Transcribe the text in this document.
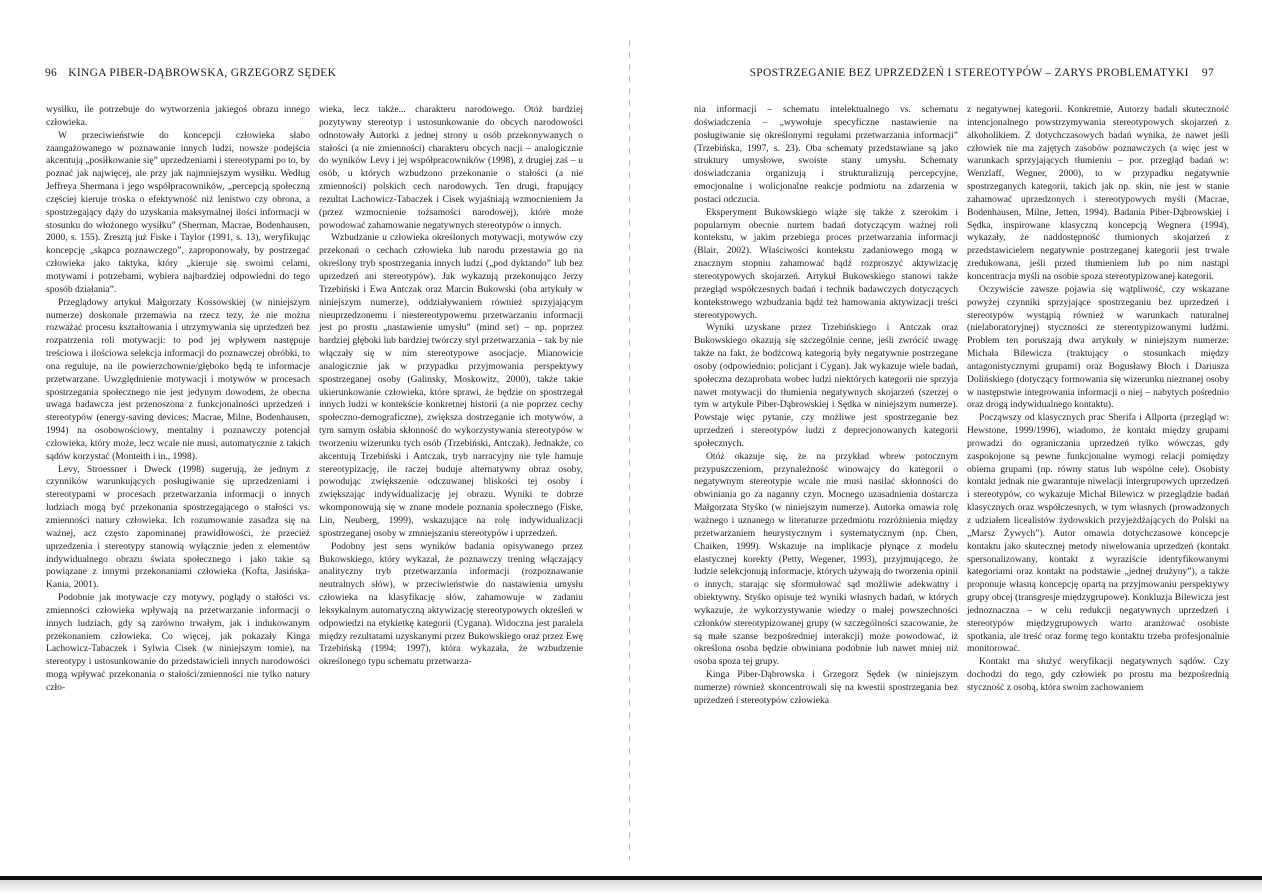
96 KINGA PIBER-DĄBROWSKA, GRZEGORZ SĘDEK

wysiłku, ile potrzebuje do wytworzenia jakiegoś obrazu innego człowieka.

W przeciwieństwie do koncepcji człowieka słabo zaangażowanego w poznawanie innych ludzi, nowsze podejścia akcentują „posiłkowanie się” uprzedzeniami i stereotypami po to, by poznać jak najwięcej, ale przy jak najmniejszym wysiłku. Według Jeffreya Shermana i jego współpracowników, „percepcją społeczną częściej kieruje troska o efektywność niż lenistwo czy obrona, a spostrzegający dąży do uzyskania maksymalnej ilości informacji w stosunku do włożonego wysiłku” (Sherman, Macrae, Bodenhausen, 2000, s. 155). Zresztą już Fiske i Taylor (1991, s. 13), weryfikując koncepcję „skąpca poznawczego”, zaproponowały, by postrzegać człowieka jako taktyka, który „kieruje się swoimi celami, motywami i potrzebami, wybiera najbardziej odpowiedni do tego sposób działania”.

Przeglądowy artykuł Małgorzaty Kossowskiej (w niniejszym numerze) doskonale przemawia na rzecz tezy, że nie można rozważać procesu kształtowania i utrzymywania się uprzedzeń bez rozpatrzenia roli motywacji: to pod jej wpływem następuje treściowa i ilościowa selekcja informacji do poznawczej obróbki, to ona reguluje, na ile powierzchownie/głęboko będą te informacje przetwarzane. Uwzględnienie motywacji i motywów w procesach spostrzegania społecznego nie jest jedynym dowodem, że obecna uwaga badawcza jest przenoszona z funkcjonalności uprzedzeń i stereotypów (energy-saving devices; Macrae, Milne, Bodenhausen, 1994) na osobowościowy, mentalny i poznawczy potencjał człowieka, który może, lecz wcale nie musi, automatycznie z takich sądów korzystać (Monteith i in., 1998).

Levy, Stroessner i Dweck (1998) sugerują, że jednym z czynników warunkujących posługiwanie się uprzedzeniami i stereotypami w procesach przetwarzania informacji o innych ludziach mogą być przekonania spostrzegającego o stałości vs. zmienności natury człowieka. Ich rozumowanie zasadza się na ważnej, acz często zapominanej prawidłowości, że przecież uprzedzenia i stereotypy stanowią wyłącznie jeden z elementów indywidualnego obrazu świata społecznego i jako takie są powiązane z innymi przekonaniami człowieka (Kofta, Jasińska-Kania, 2001).

Podobnie jak motywacje czy motywy, poglądy o stałości vs. zmienności człowieka wpływają na przetwarzanie informacji o innych ludziach, gdy są zarówno trwałym, jak i indukowanym przekonaniem człowieka. Co więcej, jak pokazały Kinga Lachowicz-Tabaczek i Sylwia Cisek (w niniejszym tomie), na stereotypy i ustosunkowanie do przedstawicieli innych narodowości mogą wpływać przekonania o stałości/zmienności nie tylko natury czło-

wieka, lecz także... charakteru narodowego. Otóż bardziej pozytywny stereotyp i ustosunkowanie do obcych narodowości odnotowały Autorki z jednej strony u osób przekonywanych o stałości (a nie zmienności) charakteru obcych nacji – analogicznie do wyników Levy i jej współpracowników (1998), z drugiej zaś – u osób, u których wzbudzono przekonanie o stałości (a nie zmienności) polskich cech narodowych. Ten drugi, frapujący rezultat Lachowicz-Tabaczek i Cisek wyjaśniają wzmocnieniem Ja (przez wzmocnienie tożsamości narodowej), które może powodować zahamowanie negatywnych stereotypów o innych.

Wzbudzanie u człowieka określonych motywacji, motywów czy przekonań o cechach człowieka lub narodu przestawia go na określony tryb spostrzegania innych ludzi („pod dyktando” lub bez uprzedzeń ani stereotypów). Jak wykazują przekonująco Jerzy Trzebiński i Ewa Antczak oraz Marcin Bukowski (oba artykuły w niniejszym numerze), oddziaływaniem również sprzyjającym nieuprzedzonemu i niestereotypowemu przetwarzaniu informacji jest po prostu „nastawienie umysłu” (mind set) – np. poprzez bardziej głęboki lub bardziej twórczy styl przetwarzania – tak by nie włączały się w nim stereotypowe asocjacje. Mianowicie analogicznie jak w przypadku przyjmowania perspektywy spostrzeganej osoby (Galinsky, Moskowitz, 2000), także takie ukierunkowanie człowieka, które sprawi, że będzie on spostrzegał innych ludzi w kontekście konkretnej historii (a nie poprzez cechy społeczno-demograficzne), zwiększa dostrzeganie ich motywów, a tym samym osłabia skłonność do wykorzystywania stereotypów w tworzeniu wizerunku tych osób (Trzebiński, Antczak). Jednakże, co akcentują Trzebiński i Antczak, tryb narracyjny nie tyle hamuje stereotypizację, ile raczej buduje alternatywny obraz osoby, powodując zwiększenie odczuwanej bliskości tej osoby i zwiększając indywidualizację jej obrazu. Wyniki te dobrze wkomponowują się w znane modele poznania społecznego (Fiske, Lin, Neuberg, 1999), wskazujące na rolę indywidualizacji spostrzeganej osoby w zmniejszaniu stereotypów i uprzedzeń.

Podobny jest sens wyników badania opisywanego przez Bukowskiego, który wykazał, że poznawczy trening włączający analityczny tryb przetwarzania informacji (rozpoznawanie neutralnych słów), w przeciwieństwie do nastawienia umysłu człowieka na klasyfikację słów, zahamowuje w zadaniu leksykalnym automatyczną aktywizację stereotypowych określeń w odpowiedzi na etykietkę kategorii (Cygana). Widoczna jest paralela między rezultatami uzyskanymi przez Bukowskiego oraz przez Ewę Trzebińską (1994; 1997), która wykazała, że wzbudzenie określonego typu schematu przetwarza-

SPOSTRZEGANIE BEZ UPRZEDZEŃ I STEREOTYPÓW – ZARYS PROBLEMATYKI 97

nia informacji – schematu intelektualnego vs. schematu doświadczenia – „wywołuje specyficzne nastawienie na posługiwanie się określonymi regułami przetwarzania informacji” (Trzebińska, 1997, s. 23). Oba schematy przedstawiane są jako struktury umysłowe, swoiste stany umysłu. Schematy doświadczania organizują i strukturalizują percepcyjne, emocjonalne i wolicjonalne reakcje podmiotu na zdarzenia w postaci odczucia.

Eksperyment Bukowskiego wiąże się także z szerokim i popularnym obecnie nurtem badań dotyczącym ważnej roli kontekstu, w jakim przebiega proces przetwarzania informacji (Blair, 2002). Właściwości kontekstu zadaniowego mogą w znacznym stopniu zahamować bądź rozproszyć aktywizację stereotypowych skojarzeń. Artykuł Bukowskiego stanowi także przegląd współczesnych badań i technik badawczych dotyczących kontekstowego wzbudzania bądź też hamowania aktywizacji treści stereotypowych.

Wyniki uzyskane przez Trzebińskiego i Antczak oraz Bukowskiego okazują się szczególnie cenne, jeśli zwrócić uwagę także na fakt, że bodźcową kategorią były negatywnie postrzegane osoby (odpowiednio: policjant i Cygan). Jak wykazuje wiele badań, społeczna dezaprobata wobec ludzi niektórych kategorii nie sprzyja nawet motywacji do tłumienia negatywnych skojarzeń (szerzej o tym w artykule Piber-Dąbrowskiej i Sędka w niniejszym numerze). Powstaje więc pytanie, czy możliwe jest spostrzeganie bez uprzedzeń i stereotypów ludzi z deprecjonowanych kategorii społecznych.

Otóż okazuje się, że na przykład wbrew potocznym przypuszczeniom, przynależność winowajcy do kategorii o negatywnym stereotypie wcale nie musi nasilać skłonności do obwiniania go za naganny czyn. Mocnego uzasadnienia dostarcza Małgorzata Styśko (w niniejszym numerze). Autorka omawia rolę ważnego i uznanego w literaturze przedmiotu rozróżnienia między przetwarzaniem heurystycznym i systematycznym (np. Chen, Chaiken, 1999). Wskazuje na implikacje płynące z modelu elastycznej korekty (Petty, Wegener, 1993), przyjmującego, że ludzie selekcjonują informacje, których używają do tworzenia opinii o innych, starając się sformułować sąd możliwie adekwatny i obiektywny. Styśko opisuje też wyniki własnych badań, w których wykazuje, że wykorzystywanie wiedzy o małej powszechności członków stereotypizowanej grupy (w szczególności szacowanie, że są małe szanse bezpośredniej interakcji) może powodować, iż określona osoba będzie obwiniana podobnie lub nawet mniej niż osoba spoza tej grupy.

Kinga Piber-Dąbrowska i Grzegorz Sędek (w niniejszym numerze) również skoncentrowali się na kwestii spostrzegania bez uprzedzeń i stereotypów człowieka

z negatywnej kategorii. Konkretnie, Autorzy badali skuteczność intencjonalnego powstrzymywania stereotypowych skojarzeń z alkoholikiem. Z dotychczasowych badań wynika, że nawet jeśli człowiek nie ma zajętych zasobów poznawczych (a więc jest w warunkach sprzyjających tłumieniu – por. przegląd badań w: Wenzlaff, Wegner, 2000), to w przypadku negatywnie spostrzeganych kategorii, takich jak np. skin, nie jest w stanie zahamować uprzedzonych i stereotypowych myśli (Macrae, Bodenhausen, Milne, Jetten, 1994). Badania Piber-Dąbrowskiej i Sędka, inspirowane klasyczną koncepcją Wegnera (1994), wykazały, że naddostępność tłumionych skojarzeń z przedstawicielem negatywnie postrzeganej kategorii jest trwale zredukowana, jeśli przed tłumieniem lub po nim nastąpi koncentracja myśli na osobie spoza stereotypizowanej kategorii.

Oczywiście zawsze pojawia się wątpliwość, czy wskazane powyżej czynniki sprzyjające spostrzeganiu bez uprzedzeń i stereotypów wystąpią również w warunkach naturalnej (nielaboratoryjnej) styczności ze stereotypizowanymi ludźmi. Problem ten poruszają dwa artykuły w niniejszym numerze: Michała Bilewicza (traktujący o stosunkach między antagonistycznymi grupami) oraz Bogusławy Błoch i Dariusza Dolińskiego (dotyczący formowania się wizerunku nieznanej osoby w następstwie integrowania informacji o niej – nabytych pośrednio oraz drogą indywidualnego kontaktu).

Począwszy od klasycznych prac Sherifa i Allporta (przegląd w: Hewstone, 1999/1996), wiadomo, że kontakt między grupami prowadzi do ograniczania uprzedzeń tylko wówczas, gdy zaspokojone są pewne funkcjonalne wymogi relacji pomiędzy obiema grupami (np. równy status lub wspólne cele). Osobisty kontakt jednak nie gwarantuje niwelacji intergrupowych uprzedzeń i stereotypów, co wykazuje Michał Bilewicz w przeglądzie badań klasycznych oraz współczesnych, w tym własnych (prowadzonych z udziałem licealistów żydowskich przyjeżdżających do Polski na „Marsz Żywych”). Autor omawia dotychczasowe koncepcje kontaktu jako skutecznej metody niwelowania uprzedzeń (kontakt spersonalizowany, kontakt z wyraziście identyfikowanymi kategoriami oraz kontakt na podstawie „jednej drużyny”), a także proponuje własną koncepcję opartą na przyjmowaniu perspektywy grupy obcej (transgresje międzygrupowe). Konkluzja Bilewicza jest jednoznaczna – w celu redukcji negatywnych uprzedzeń i stereotypów międzygrupowych warto aranżować osobiste spotkania, ale treść oraz formę tego kontaktu trzeba profesjonalnie monitorować.

Kontakt ma służyć weryfikacji negatywnych sądów. Czy dochodzi do tego, gdy człowiek po prostu ma bezpośrednią styczność z osobą, która swoim zachowaniem
